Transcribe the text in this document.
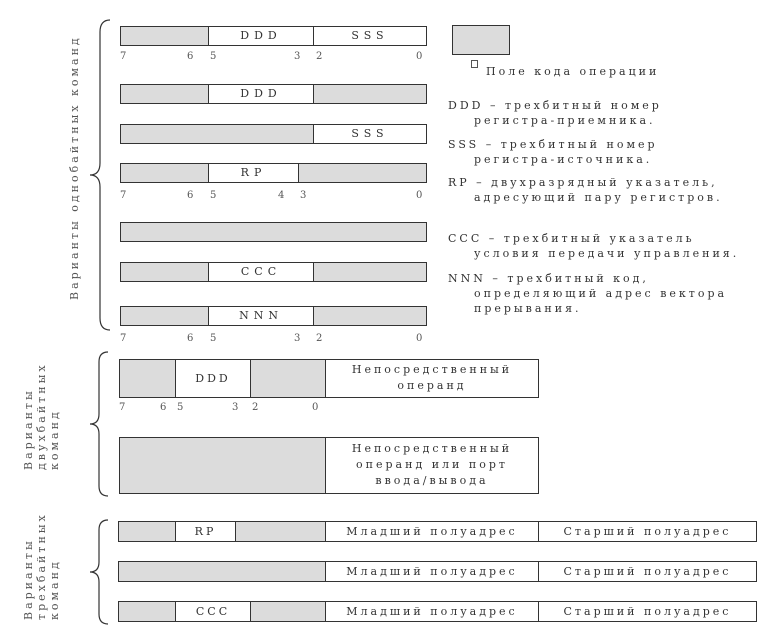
Варианты однобайтных команд	DDD	SSS
7	6 5	3 2	0
DDD
SSS
RP
7	6 5	4 3	0
CCC
NNN
7	6 5	3 2	0
Поле кода операции
DDD – трехбитный номер
регистра-приемника.
SSS – трехбитный номер
регистра-источника.
RP – двухразрядный указатель,
адресующий пару регистров.
CCC – трехбитный указатель
условия передачи управления.
NNN – трехбитный код,
определяющий адрес вектора
прерывания.
Варианты двухбайтных команд
DDD
Непосредственный
операнд
7	6 5	3 2	0
Непосредственный
операнд или порт
ввода/вывода
Варианты трехбайтных команд
RP	Младший полуадрес	Старший полуадрес
Младший полуадрес	Старший полуадрес
CCC	Младший полуадрес	Старший полуадрес
